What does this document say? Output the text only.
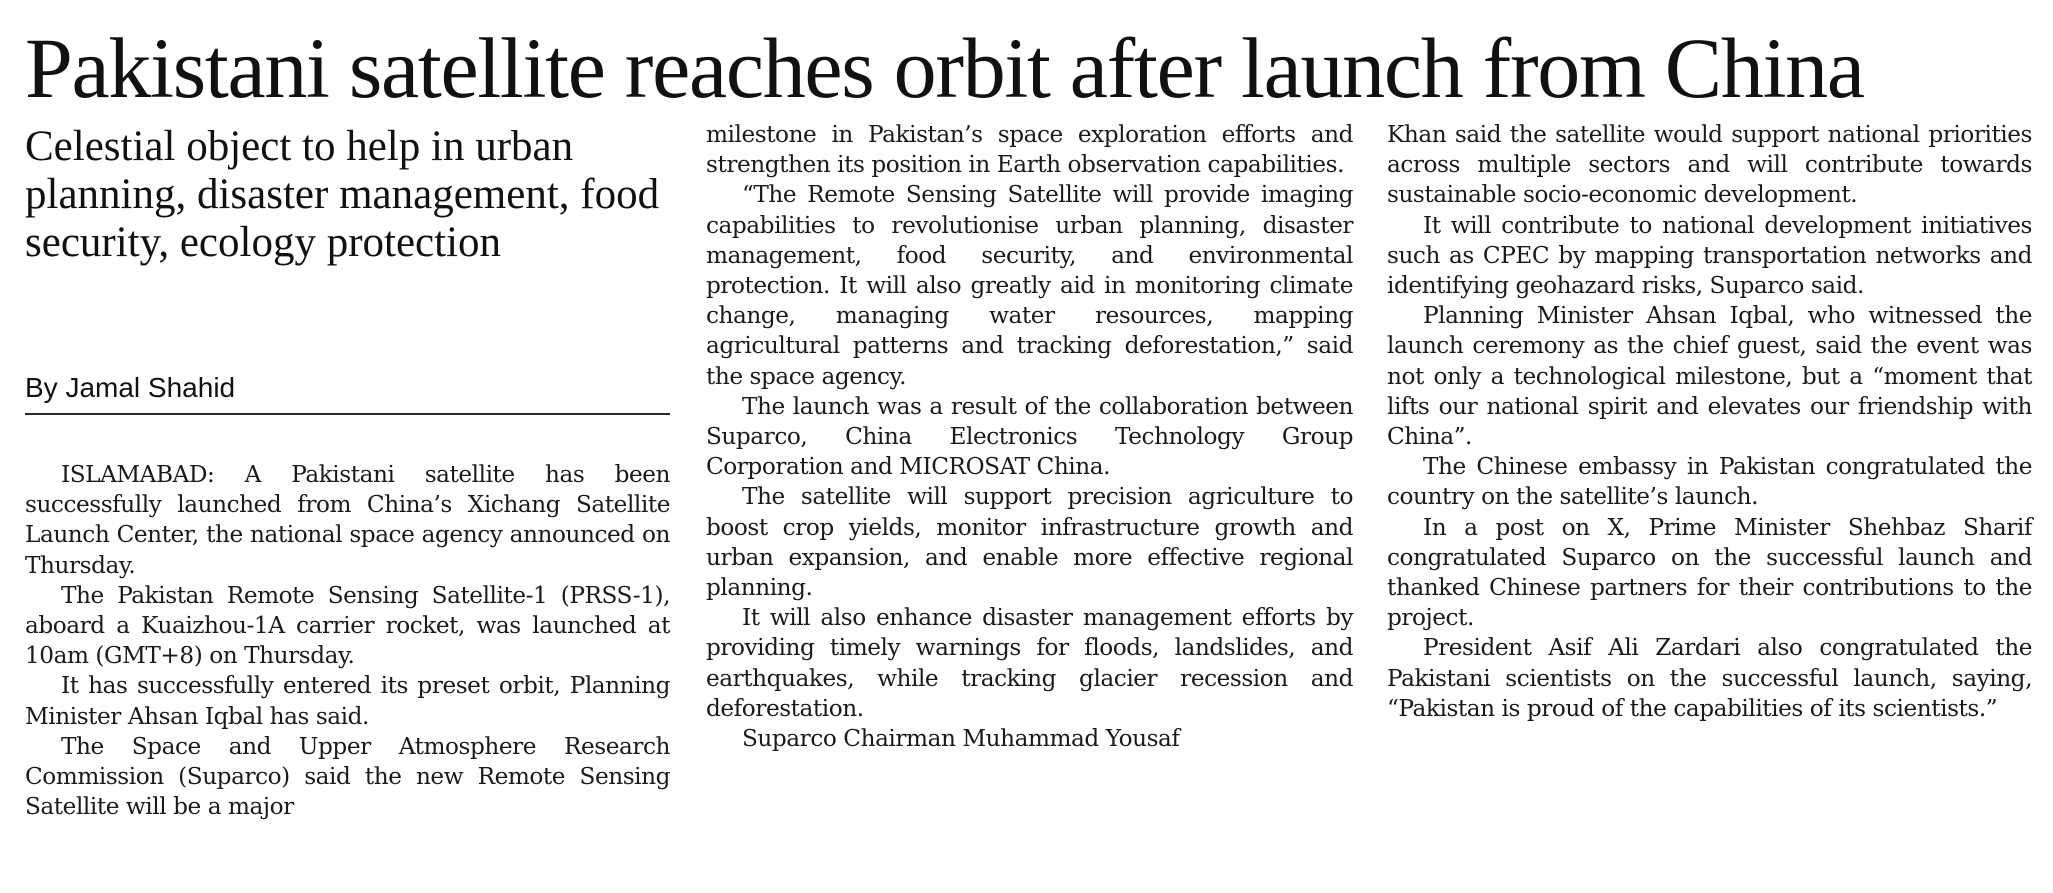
Pakistani satellite reaches orbit after launch from China
Celestial object to help in urban planning, disaster management, food security, ecology protection
By Jamal Shahid

ISLAMABAD: A Pakistani satellite has been successfully launched from China’s Xichang Satellite Launch Center, the national space agency announced on Thursday.

The Pakistan Remote Sensing Satellite-1 (PRSS-1), aboard a Kuaizhou-1A carrier rocket, was launched at 10am (GMT+8) on Thursday.

It has successfully entered its preset orbit, Planning Minister Ahsan Iqbal has said.

The Space and Upper Atmosphere Research Commission (Suparco) said the new Remote Sensing Satellite will be a major

milestone in Pakistan’s space exploration efforts and strengthen its position in Earth observation capabilities.

“The Remote Sensing Satellite will provide imaging capabilities to revolutionise urban planning, disaster management, food security, and environmental protection. It will also greatly aid in monitoring climate change, managing water resources, mapping agricultural patterns and tracking deforestation,” said the space agency.

The launch was a result of the collaboration between Suparco, China Electronics Technology Group Corporation and MICROSAT China.

The satellite will support precision agriculture to boost crop yields, monitor infrastructure growth and urban expansion, and enable more effective regional planning.

It will also enhance disaster management efforts by providing timely warnings for floods, landslides, and earthquakes, while tracking glacier recession and deforestation.

Suparco Chairman Muhammad Yousaf

Khan said the satellite would support national priorities across multiple sectors and will contribute towards sustainable socio-economic development.

It will contribute to national development initiatives such as CPEC by mapping transportation networks and identifying geohazard risks, Suparco said.

Planning Minister Ahsan Iqbal, who witnessed the launch ceremony as the chief guest, said the event was not only a technological milestone, but a “moment that lifts our national spirit and elevates our friendship with China”.

The Chinese embassy in Pakistan congratulated the country on the satellite’s launch.

In a post on X, Prime Minister Shehbaz Sharif congratulated Suparco on the successful launch and thanked Chinese partners for their contributions to the project.

President Asif Ali Zardari also congratulated the Pakistani scientists on the successful launch, saying, “Pakistan is proud of the capabilities of its scientists.”
